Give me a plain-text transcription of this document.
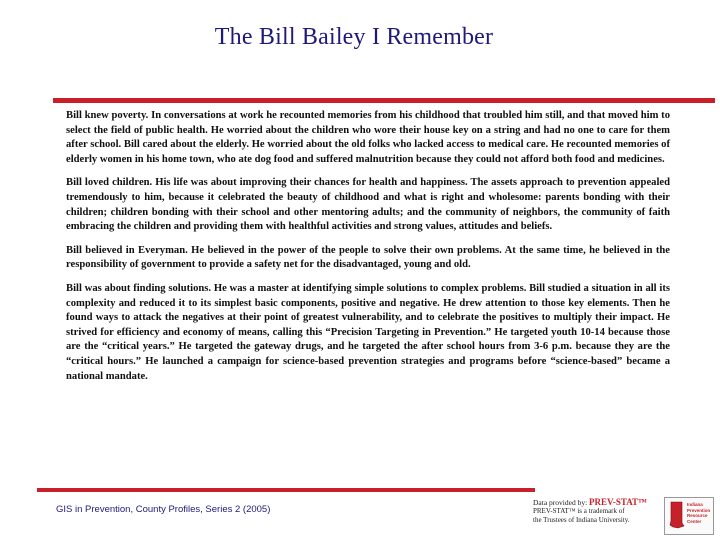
The Bill Bailey I Remember

Bill knew poverty. In conversations at work he recounted memories from his childhood that troubled him still, and that moved him to select the field of public health. He worried about the children who wore their house key on a string and had no one to care for them after school. Bill cared about the elderly. He worried about the old folks who lacked access to medical care. He recounted memories of elderly women in his home town, who ate dog food and suffered malnutrition because they could not afford both food and medicines.

Bill loved children. His life was about improving their chances for health and happiness. The assets approach to prevention appealed tremendously to him, because it celebrated the beauty of childhood and what is right and wholesome: parents bonding with their children; children bonding with their school and other mentoring adults; and the community of neighbors, the community of faith embracing the children and providing them with healthful activities and strong values, attitudes and beliefs.

Bill believed in Everyman. He believed in the power of the people to solve their own problems. At the same time, he believed in the responsibility of government to provide a safety net for the disadvantaged, young and old.

Bill was about finding solutions. He was a master at identifying simple solutions to complex problems. Bill studied a situation in all its complexity and reduced it to its simplest basic components, positive and negative. He drew attention to those key elements. Then he found ways to attack the negatives at their point of greatest vulnerability, and to celebrate the positives to multiply their impact. He strived for efficiency and economy of means, calling this “Precision Targeting in Prevention.” He targeted youth 10-14 because those are the “critical years.” He targeted the gateway drugs, and he targeted the after school hours from 3-6 p.m. because they are the “critical hours.” He launched a campaign for science-based prevention strategies and programs before “science-based” became a national mandate.

GIS in Prevention, County Profiles, Series 2 (2005)
Data provided by: PREV-STAT™
PREV-STAT™ is a trademark of
the Trustees of Indiana University.
Indiana Prevention Resource Center
